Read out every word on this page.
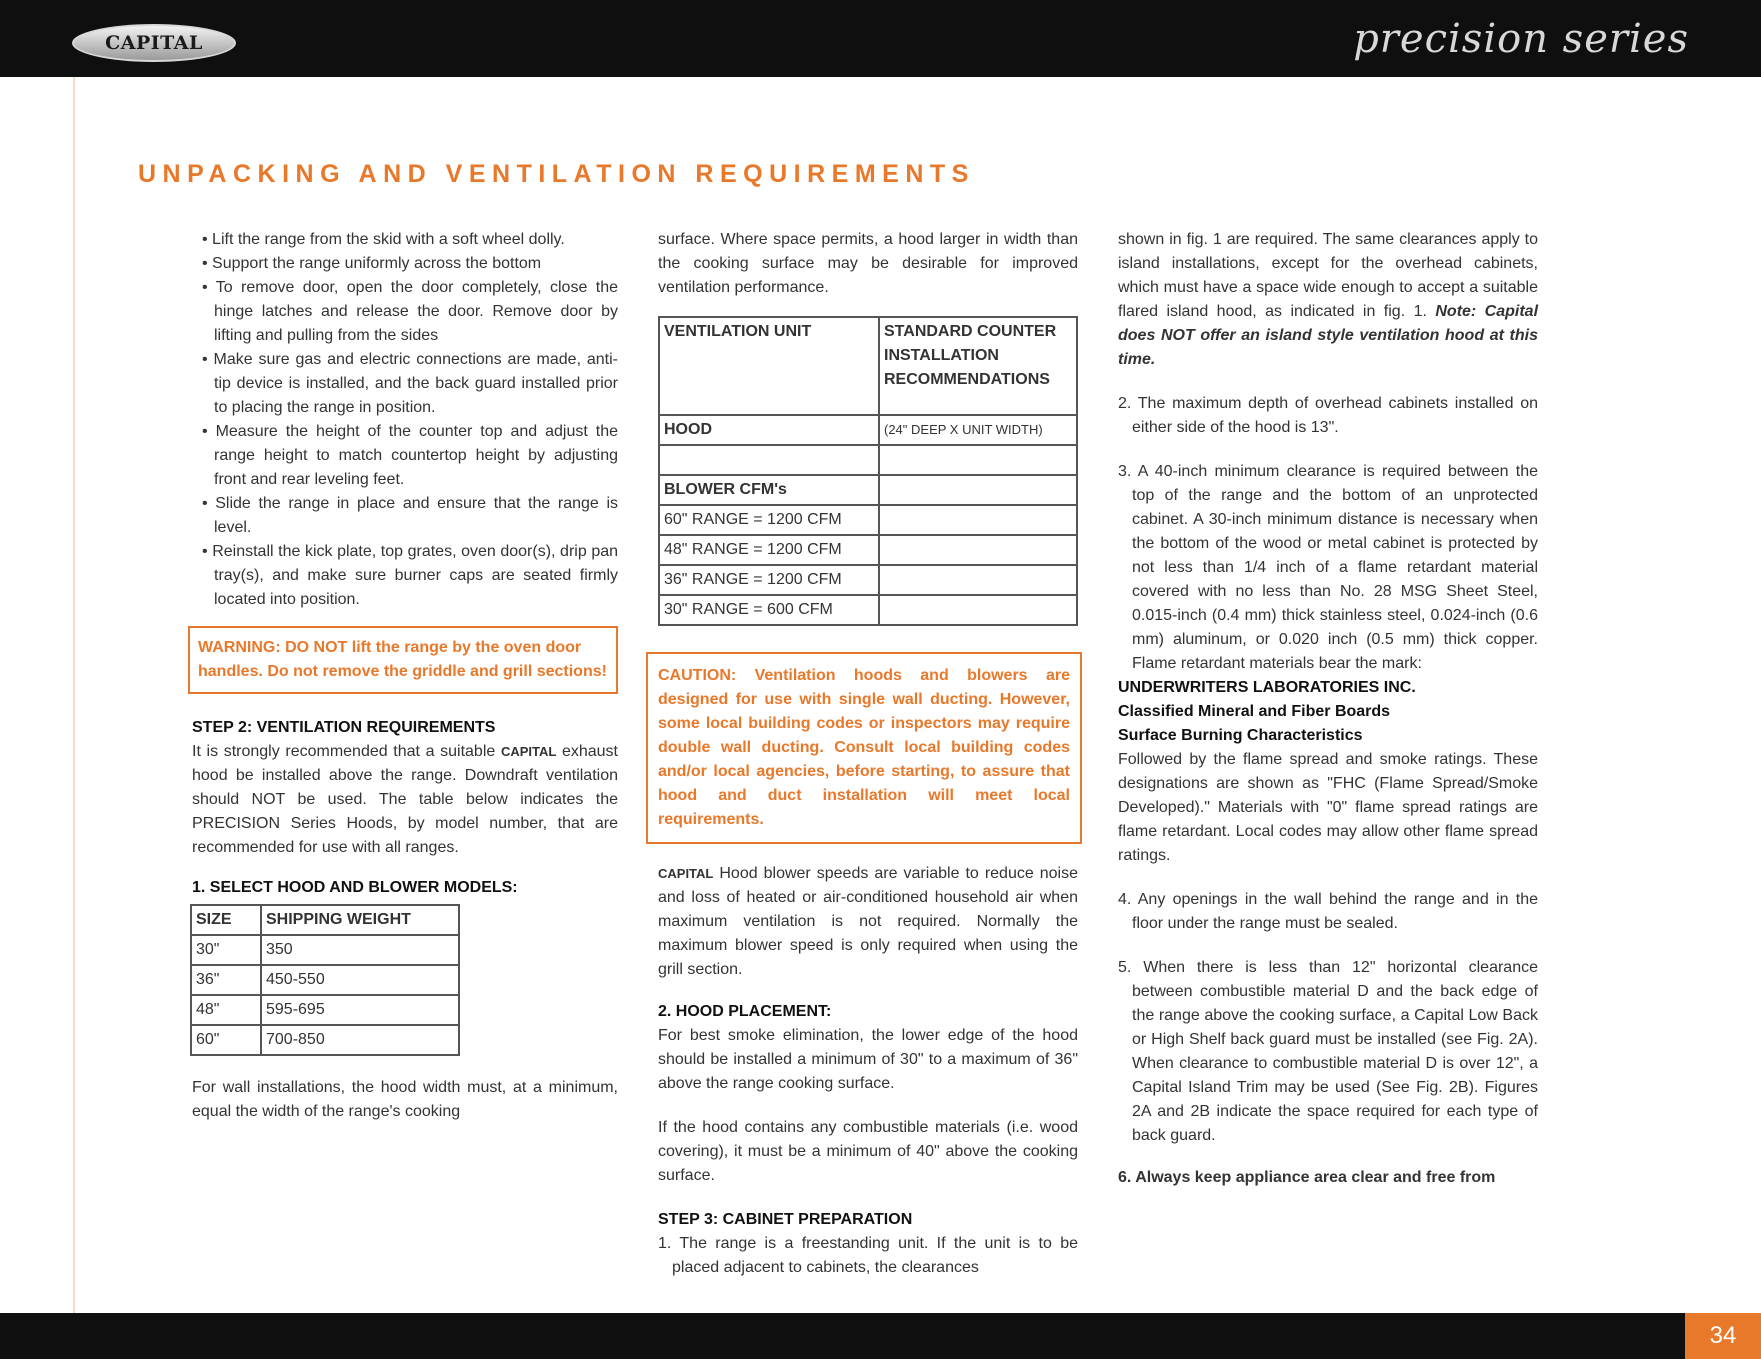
CAPITAL	precision series
UNPACKING AND VENTILATION REQUIREMENTS

• Lift the range from the skid with a soft wheel dolly.

• Support the range uniformly across the bottom

• To remove door, open the door completely, close the hinge latches and release the door. Remove door by lifting and pulling from the sides

• Make sure gas and electric connections are made, anti-tip device is installed, and the back guard installed prior to placing the range in position.

• Measure the height of the counter top and adjust the range height to match countertop height by adjusting front and rear leveling feet.

• Slide the range in place and ensure that the range is level.

• Reinstall the kick plate, top grates, oven door(s), drip pan tray(s), and make sure burner caps are seated firmly located into position.

WARNING: DO NOT lift the range by the oven door handles. Do not remove the griddle and grill sections!

STEP 2: VENTILATION REQUIREMENTS

It is strongly recommended that a suitable CAPITAL exhaust hood be installed above the range. Downdraft ventilation should NOT be used. The table below indicates the PRECISION Series Hoods, by model number, that are recommended for use with all ranges.

1. SELECT HOOD AND BLOWER MODELS:

SIZE	SHIPPING WEIGHT
30"	350
36"	450-550
48"	595-695
60"	700-850

For wall installations, the hood width must, at a minimum, equal the width of the range's cooking

surface. Where space permits, a hood larger in width than the cooking surface may be desirable for improved ventilation performance.

VENTILATION UNIT	STANDARD COUNTER INSTALLATION RECOMMENDATIONS
HOOD	(24" DEEP X UNIT WIDTH)

BLOWER CFM's	
60" RANGE = 1200 CFM	
48" RANGE = 1200 CFM	
36" RANGE = 1200 CFM	
30" RANGE = 600 CFM	
CAUTION: Ventilation hoods and blowers are designed for use with single wall ducting. However, some local building codes or inspectors may require double wall ducting. Consult local building codes and/or local agencies, before starting, to assure that hood and duct installation will meet local requirements.

CAPITAL Hood blower speeds are variable to reduce noise and loss of heated or air-conditioned household air when maximum ventilation is not required. Normally the maximum blower speed is only required when using the grill section.

2. HOOD PLACEMENT:

For best smoke elimination, the lower edge of the hood should be installed a minimum of 30" to a maximum of 36" above the range cooking surface.

If the hood contains any combustible materials (i.e. wood covering), it must be a minimum of 40" above the cooking surface.

STEP 3: CABINET PREPARATION

1. The range is a freestanding unit. If the unit is to be placed adjacent to cabinets, the clearances

shown in fig. 1 are required. The same clearances apply to island installations, except for the overhead cabinets, which must have a space wide enough to accept a suitable flared island hood, as indicated in fig. 1. Note: Capital does NOT offer an island style ventilation hood at this time.

2. The maximum depth of overhead cabinets installed on either side of the hood is 13".

3. A 40-inch minimum clearance is required between the top of the range and the bottom of an unprotected cabinet. A 30-inch minimum distance is necessary when the bottom of the wood or metal cabinet is protected by not less than 1/4 inch of a flame retardant material covered with no less than No. 28 MSG Sheet Steel, 0.015-inch (0.4 mm) thick stainless steel, 0.024-inch (0.6 mm) aluminum, or 0.020 inch (0.5 mm) thick copper. Flame retardant materials bear the mark:

UNDERWRITERS LABORATORIES INC.

Classified Mineral and Fiber Boards

Surface Burning Characteristics

Followed by the flame spread and smoke ratings. These designations are shown as "FHC (Flame Spread/Smoke Developed)." Materials with "0" flame spread ratings are flame retardant. Local codes may allow other flame spread ratings.

4. Any openings in the wall behind the range and in the floor under the range must be sealed.

5. When there is less than 12" horizontal clearance between combustible material D and the back edge of the range above the cooking surface, a Capital Low Back or High Shelf back guard must be installed (see Fig. 2A). When clearance to combustible material D is over 12", a Capital Island Trim may be used (See Fig. 2B). Figures 2A and 2B indicate the space required for each type of back guard.

6. Always keep appliance area clear and free from

34
